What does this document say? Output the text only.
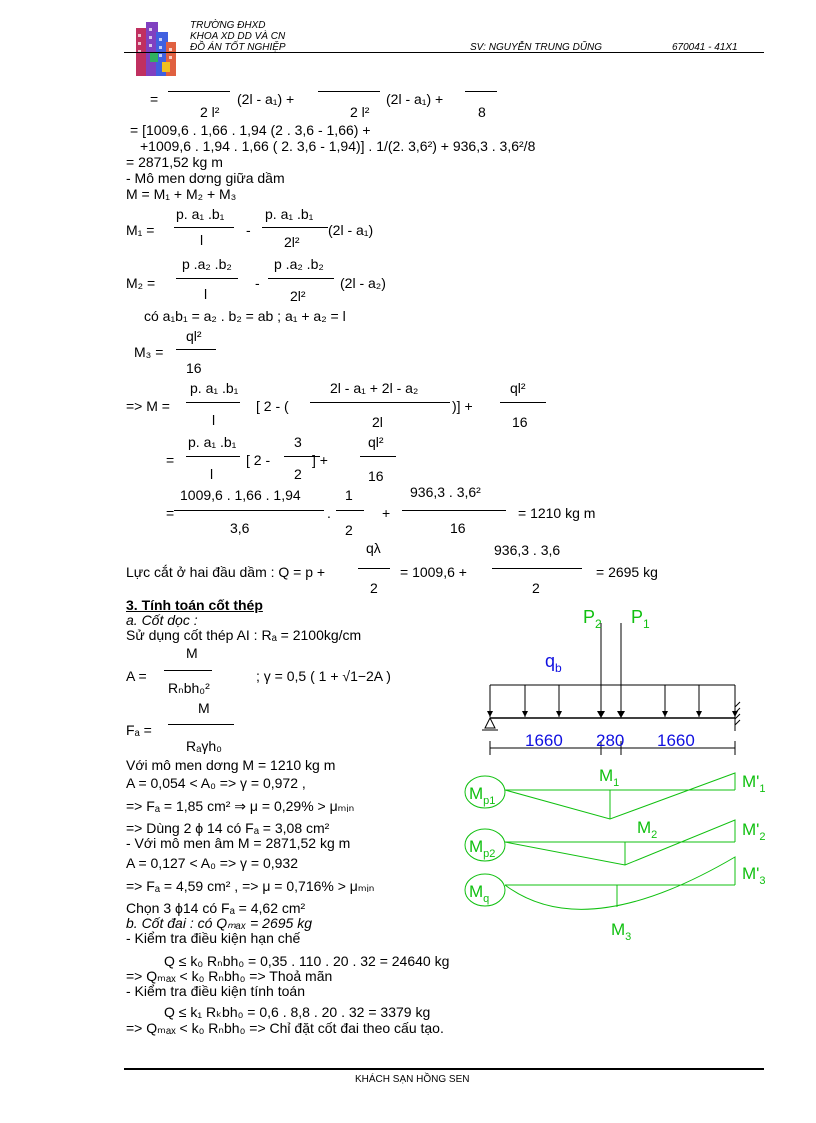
TRƯỜNG ĐHXD
KHOA XD DD VÀ CN
ĐỒ ÁN TỐT NGHIỆP	SV: NGUYỄN TRUNG DŨNG	670041 - 41X1
=
2 l²
(2l - a₁) +
2 l²
(2l - a₁) +
8
= [1009,6 . 1,66 . 1,94 (2 . 3,6 - 1,66) +
+1009,6 . 1,94 . 1,66 ( 2. 3,6 - 1,94)] . 1/(2. 3,6²) + 936,3 . 3,6²/8
= 2871,52 kg m
- Mô men dơng giữa dầm
M = M₁ + M₂ + M₃
M₁ =
p. a₁ .b₁
l
-
p. a₁ .b₁
2l²
(2l - a₁)
M₂ =
p .a₂ .b₂
l
-
p .a₂ .b₂
2l²
(2l - a₂)
có a₁b₁ = a₂ . b₂ = ab ; a₁ + a₂ = l
M₃ =
ql²
16
=> M =
p. a₁ .b₁
l
[ 2 - (
2l - a₁ + 2l - a₂
2l
)] +
ql²
16
=
p. a₁ .b₁
l
[ 2 -
3
2
] +
ql²
16
=
1009,6 . 1,66 . 1,94
3,6
.
1
2
+
936,3 . 3,6²
16
= 1210 kg m
Lực cắt ở hai đầu dầm : Q = p +
qλ
2
= 1009,6 +
936,3 . 3,6
2
= 2695 kg
3. Tính toán cốt thép
a. Cốt dọc :
Sử dụng cốt thép AI : Rₐ = 2100kg/cm
A =
M
Rₙbh₀²
; γ = 0,5 ( 1 + √1−2A )
Fₐ =
M
Rₐγh₀
Với mô men dơng M = 1210 kg m
A = 0,054 < A₀ => γ = 0,972 ,
=> Fₐ = 1,85 cm² ⇒ μ = 0,29% > μₘᵢₙ
=> Dùng 2 ϕ 14 có Fₐ = 3,08 cm²
- Với mô men âm M = 2871,52 kg m
A = 0,127 < A₀ => γ = 0,932
=> Fₐ = 4,59 cm² , => μ = 0,716% > μₘᵢₙ
Chọn 3 ϕ14 có Fₐ = 4,62 cm²
b. Cốt đai : có Qₘₐₓ = 2695 kg
- Kiểm tra điều kiện hạn chế
Q ≤ k₀ Rₙbh₀ = 0,35 . 110 . 20 . 32 = 24640 kg
=> Qₘₐₓ < k₀ Rₙbh₀ => Thoả mãn
- Kiểm tra điều kiện tính toán
Q ≤ k₁ Rₖbh₀ = 0,6 . 8,8 . 20 . 32 = 3379 kg
=> Qₘₐₓ < k₀ Rₙbh₀ => Chỉ đặt cốt đai theo cấu tạo.
$P_2$ $P_1$
$q_b$
1660 280 1660
$M_{p1}$
$M_1$	$M'_1$
$M_{p2}$
$M_2$	$M'_2$
$M_q$
$M_3$
$M'_3$
KHÁCH SẠN HỒNG SEN
